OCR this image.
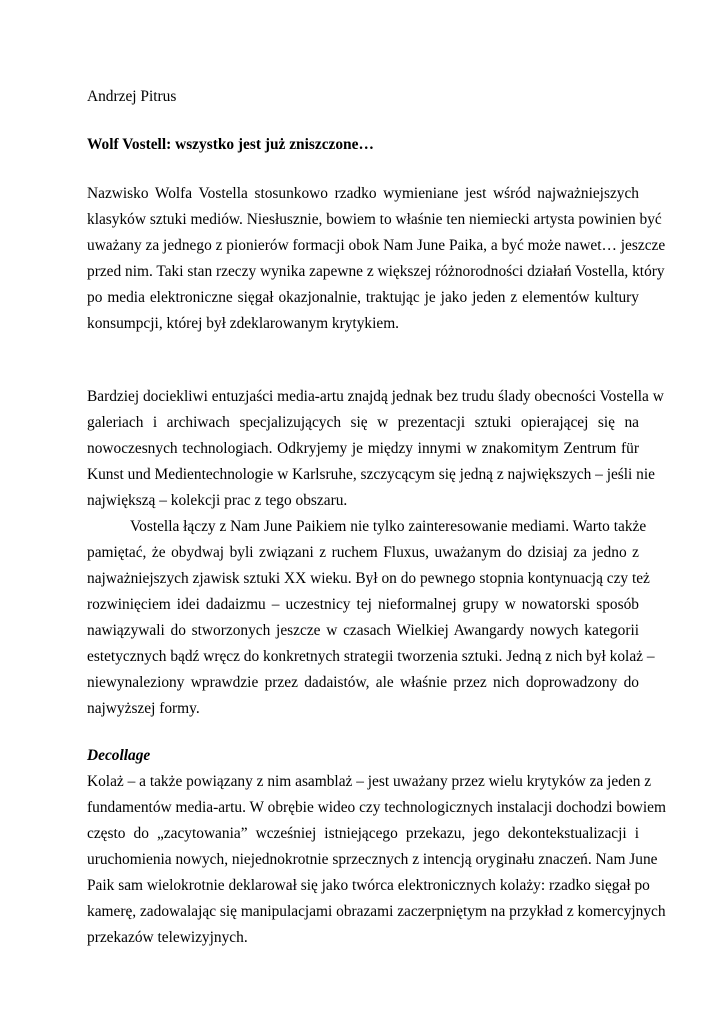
Andrzej Pitrus
Wolf Vostell: wszystko jest już zniszczone…
Nazwisko Wolfa Vostella stosunkowo rzadko wymieniane jest wśród najważniejszych
klasyków sztuki mediów. Niesłusznie, bowiem to właśnie ten niemiecki artysta powinien być
uważany za jednego z pionierów formacji obok Nam June Paika, a być może nawet… jeszcze
przed nim. Taki stan rzeczy wynika zapewne z większej różnorodności działań Vostella, który
po media elektroniczne sięgał okazjonalnie, traktując je jako jeden z elementów kultury
konsumpcji, której był zdeklarowanym krytykiem.
Bardziej dociekliwi entuzjaści media-artu znajdą jednak bez trudu ślady obecności Vostella w
galeriach i archiwach specjalizujących się w prezentacji sztuki opierającej się na
nowoczesnych technologiach. Odkryjemy je między innymi w znakomitym Zentrum für
Kunst und Medientechnologie w Karlsruhe, szczycącym się jedną z największych – jeśli nie
największą – kolekcji prac z tego obszaru.
Vostella łączy z Nam June Paikiem nie tylko zainteresowanie mediami. Warto także
pamiętać, że obydwaj byli związani z ruchem Fluxus, uważanym do dzisiaj za jedno z
najważniejszych zjawisk sztuki XX wieku. Był on do pewnego stopnia kontynuacją czy też
rozwinięciem idei dadaizmu – uczestnicy tej nieformalnej grupy w nowatorski sposób
nawiązywali do stworzonych jeszcze w czasach Wielkiej Awangardy nowych kategorii
estetycznych bądź wręcz do konkretnych strategii tworzenia sztuki. Jedną z nich był kolaż –
niewynaleziony wprawdzie przez dadaistów, ale właśnie przez nich doprowadzony do
najwyższej formy.
Decollage
Kolaż – a także powiązany z nim asamblaż – jest uważany przez wielu krytyków za jeden z
fundamentów media-artu. W obrębie wideo czy technologicznych instalacji dochodzi bowiem
często do „zacytowania” wcześniej istniejącego przekazu, jego dekontekstualizacji i
uruchomienia nowych, niejednokrotnie sprzecznych z intencją oryginału znaczeń. Nam June
Paik sam wielokrotnie deklarował się jako twórca elektronicznych kolaży: rzadko sięgał po
kamerę, zadowalając się manipulacjami obrazami zaczerpniętym na przykład z komercyjnych
przekazów telewizyjnych.
